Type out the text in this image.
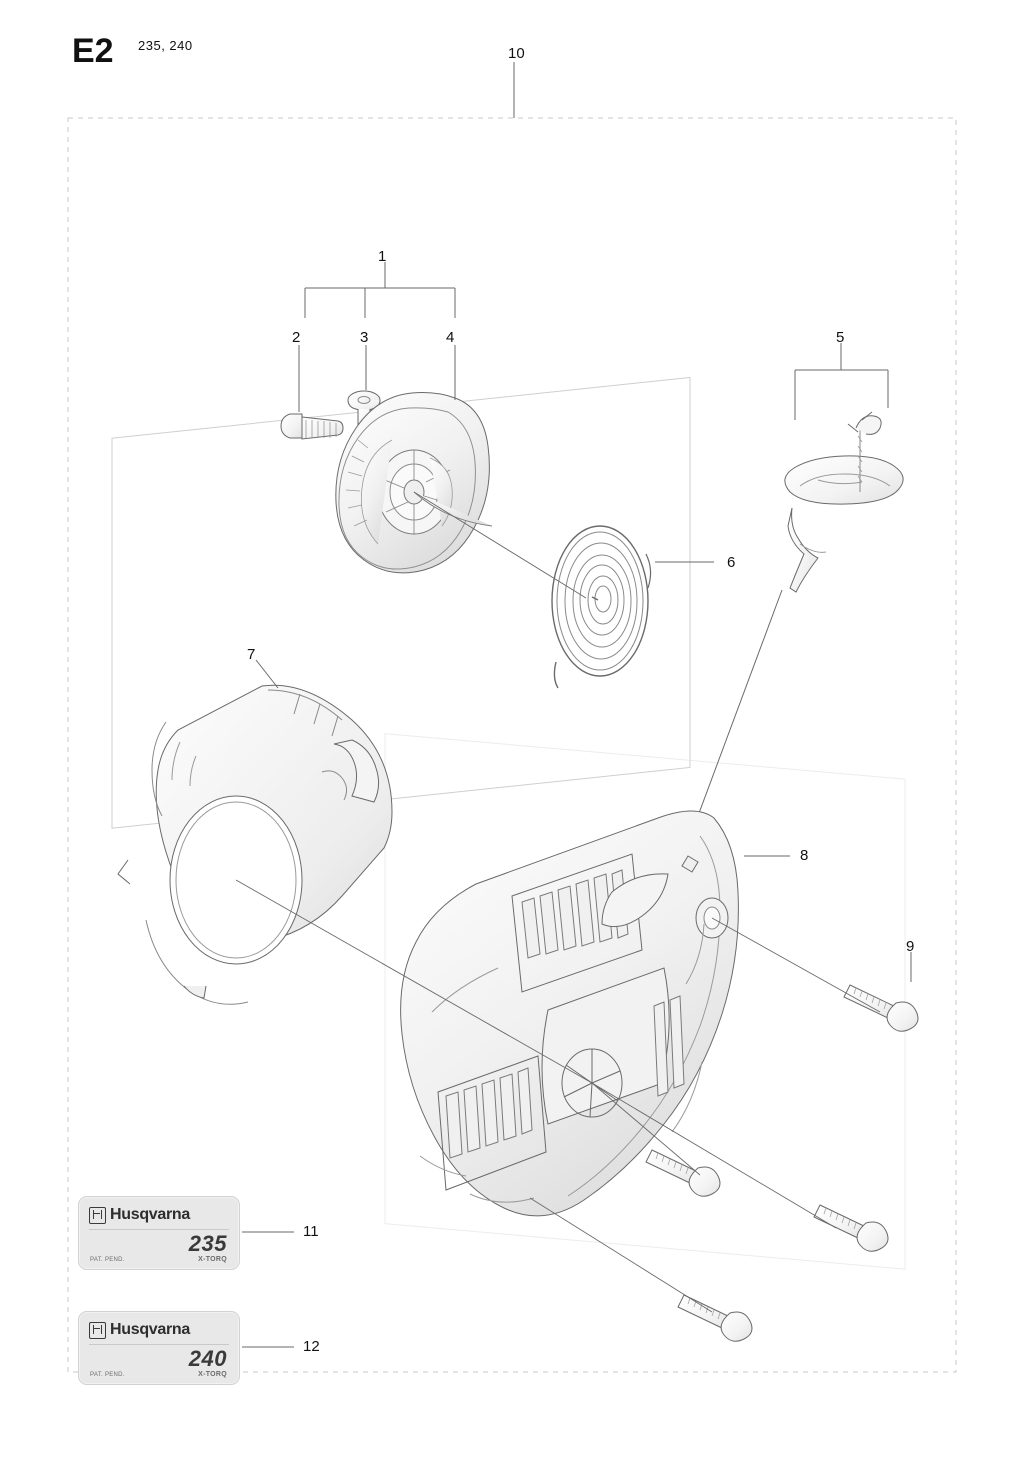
E2 235, 240
1
2	3	4	5
6
7
8
9
10
11
12
Husqvarna
235
PAT. PEND.	X-TORQ
Husqvarna
240
PAT. PEND.	X-TORQ
